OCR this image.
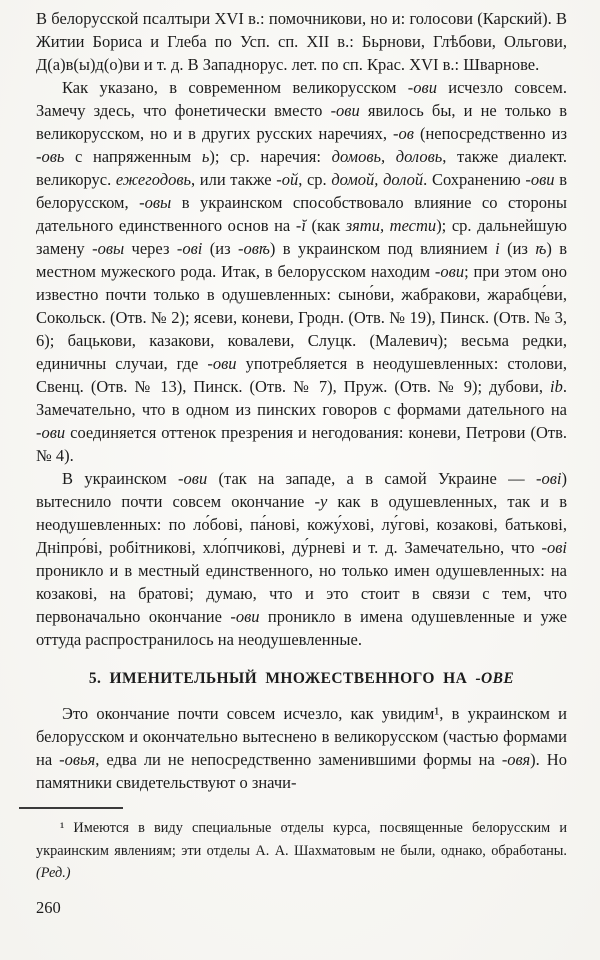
В белорусской псалтыри XVI в.: помочникови, но и: голосови (Карский). В Житии Бориса и Глеба по Усп. сп. XII в.: Бьрнови, Глѣбови, Ольгови, Д(а)в(ы)д(о)ви и т. д. В Западнорус. лет. по сп. Крас. XVI в.: Шварнове.

Как указано, в современном великорусском -ови исчезло совсем. Замечу здесь, что фонетически вместо -ови явилось бы, и не только в великорусском, но и в других русских наречиях, -ов (непосредственно из -овь с напряженным ь); ср. наречия: домовь, доловь, также диалект. великорус. ежегодовь, или также -ой, ср. домой, долой. Сохранению -ови в белорусском, -овы в украинском способствовало влияние со стороны дательного единственного основ на -ĭ (как зяти, тести); ср. дальнейшую замену -овы через -ові (из -овѣ) в украинском под влиянием і (из ѣ) в местном мужеского рода. Итак, в белорусском находим -ови; при этом оно известно почти только в одушевленных: сыно́ви, жабракови, жарабце́ви, Сокольск. (Отв. № 2); ясеви, коневи, Гродн. (Отв. № 19), Пинск. (Отв. № 3, 6); бацькови, казакови, ковалеви, Слуцк. (Малевич); весьма редки, единичны случаи, где -ови употребляется в неодушевленных: столови, Свенц. (Отв. № 13), Пинск. (Отв. № 7), Пруж. (Отв. № 9); дубови, ib. Замечательно, что в одном из пинских говоров с формами дательного на -ови соединяется оттенок презрения и негодования: коневи, Петрови (Отв. № 4).

В украинском -ови (так на западе, а в самой Украине — -ові) вытеснило почти совсем окончание -у как в одушевленных, так и в неодушевленных: по ло́бові, па́нові, кожу́хові, лу́гові, козакові, батькові, Дніпро́ві, робітникові, хло́пчикові, ду́рневі и т. д. Замечательно, что -ові проникло и в местный единственного, но только имен одушевленных: на козакові, на братові; думаю, что и это стоит в связи с тем, что первоначально окончание -ови проникло в имена одушевленные и уже оттуда распространилось на неодушевленные.

5. ИМЕНИТЕЛЬНЫЙ МНОЖЕСТВЕННОГО НА -ОВЕ

Это окончание почти совсем исчезло, как увидим¹, в украинском и белорусском и окончательно вытеснено в великорусском (частью формами на -овья, едва ли не непосредственно заменившими формы на -овя). Но памятники свидетельствуют о значи-

¹ Имеются в виду специальные отделы курса, посвященные белорусским и украинским явлениям; эти отделы А. А. Шахматовым не были, однако, обработаны. (Ред.)

260
